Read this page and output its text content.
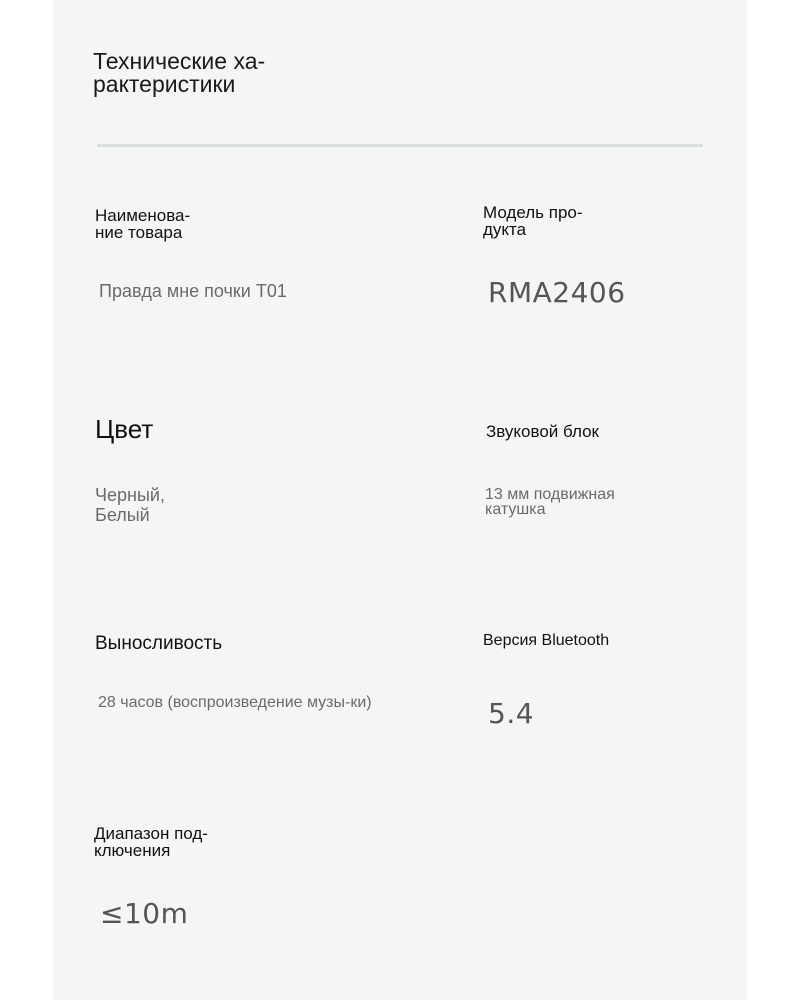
Технические ха-рактеристики
Наименова-ние товара
Правда мне почки T01
Модель про-дукта
RMA2406
Цвет
Черный, Белый
Звуковой блок
13 мм подвижная катушка
Выносливость
28 часов (воспроизведение музы-ки)
Версия Bluetooth
5.4
Диапазон под-ключения
≤10m
